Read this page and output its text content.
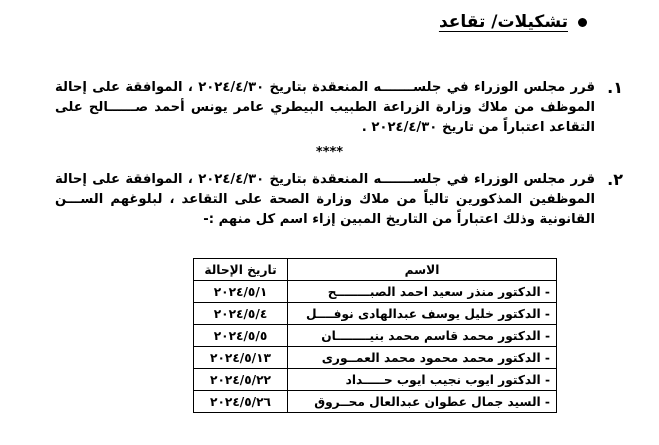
تشكيلات/ تقاعد
١.
قرر مجلس الوزراء في جلســـــــه المنعقدة بتاريخ ٢٠٢٤/٤/٣٠ ، الموافقة على إحالة الموظف من ملاك وزارة الزراعة الطبيب البيطري عامر يونس أحمد صــــــالح على التقاعد اعتباراً من تاريخ ٢٠٢٤/٤/٣٠ .
****
٢.
قرر مجلس الوزراء في جلســـــــه المنعقدة بتاريخ ٢٠٢٤/٤/٣٠ ، الموافقة على إحالة الموظفين المذكورين تالياً من ملاك وزارة الصحة على التقاعد ، لبلوغهم الســـن القانونية وذلك اعتباراً من التاريخ المبين إزاء اسم كل منهم :-
الاسم	تاريخ الإحالة
- الدكتور منذر سعيد احمد الصبــــــــح	٢٠٢٤/٥/١
- الدكتور خليل يوسف عبدالهادى نوفــــل	٢٠٢٤/٥/٤
- الدكتور محمد قاسم محمد بنيــــــــان	٢٠٢٤/٥/٥
- الدكتور محمد محمود محمد العمــورى	٢٠٢٤/٥/١٣
- الدكتور ايوب نجيب ايوب حـــــداد	٢٠٢٤/٥/٢٢
- السيد جمال عطوان عبدالعال محــروق	٢٠٢٤/٥/٢٦
